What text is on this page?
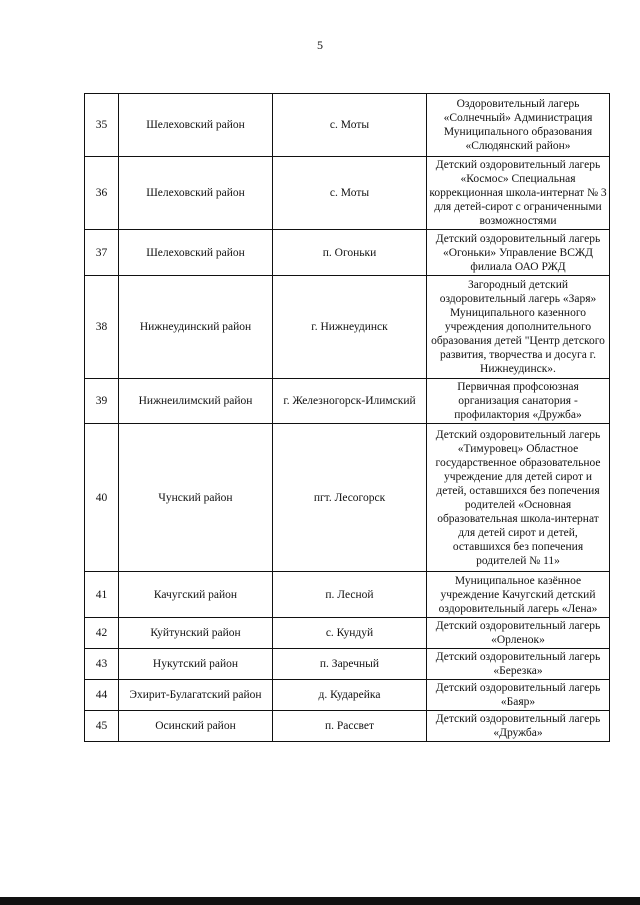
5
35	Шелеховский район	с. Моты	Оздоровительный лагерь «Солнечный» Администрация Муниципального образования «Слюдянский район»
36	Шелеховский район	с. Моты	Детский оздоровительный лагерь «Космос» Специальная коррекционная школа-интернат № 3 для детей-сирот с ограниченными возможностями
37	Шелеховский район	п. Огоньки	Детский оздоровительный лагерь «Огоньки» Управление ВСЖД филиала ОАО РЖД
38	Нижнеудинский район	г. Нижнеудинск	Загородный детский оздоровительный лагерь «Заря» Муниципального казенного учреждения дополнительного образования детей "Центр детского развития, творчества и досуга г. Нижнеудинск».
39	Нижнеилимский район	г. Железногорск-Илимский	Первичная профсоюзная организация санатория - профилактория «Дружба»
40	Чунский район	пгт. Лесогорск	Детский оздоровительный лагерь «Тимуровец» Областное государственное образовательное учреждение для детей сирот и детей, оставшихся без попечения родителей «Основная образовательная школа-интернат для детей сирот и детей, оставшихся без попечения родителей № 11»
41	Качугский район	п. Лесной	Муниципальное казённое учреждение Качугский детский оздоровительный лагерь «Лена»
42	Куйтунский район	с. Кундуй	Детский оздоровительный лагерь «Орленок»
43	Нукутский район	п. Заречный	Детский оздоровительный лагерь «Березка»
44	Эхирит-Булагатский район	д. Кударейка	Детский оздоровительный лагерь «Баяр»
45	Осинский район	п. Рассвет	Детский оздоровительный лагерь «Дружба»
